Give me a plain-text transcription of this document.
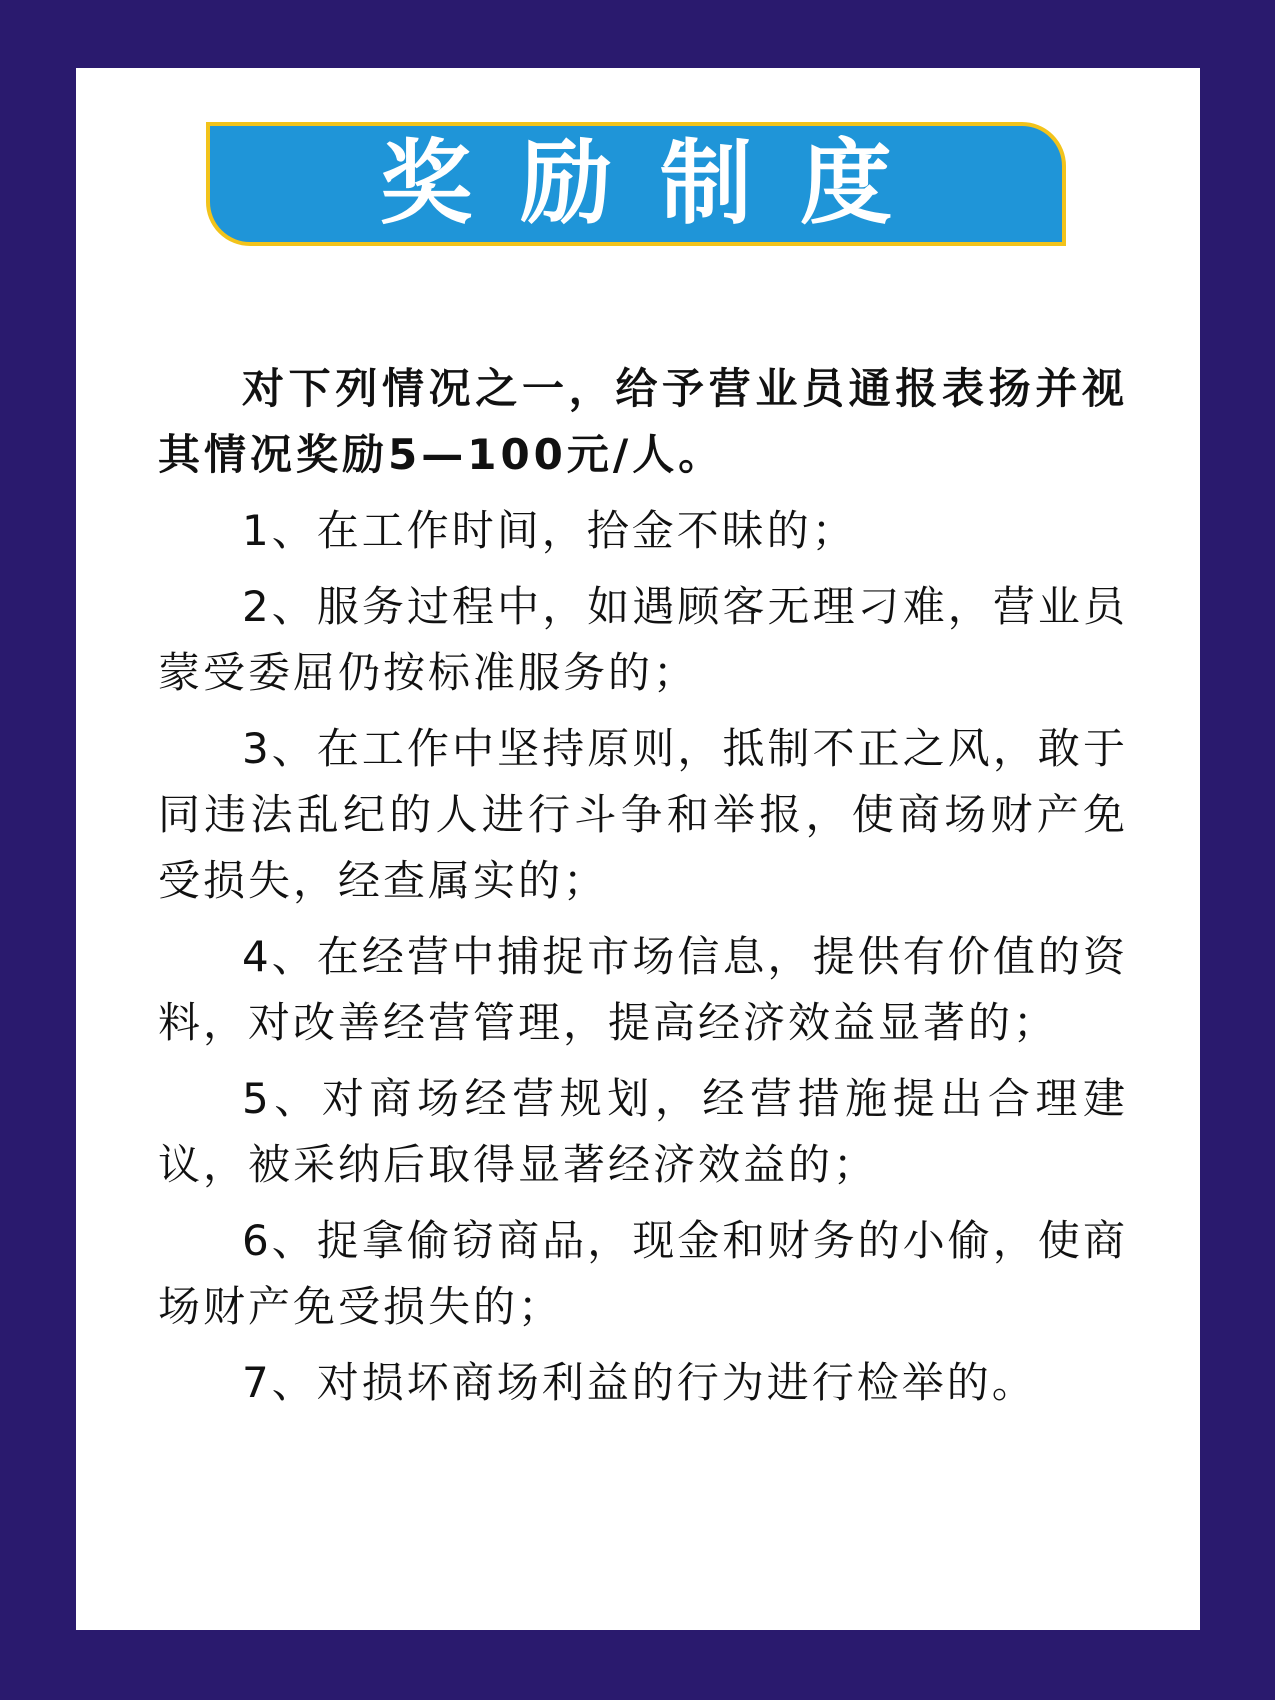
奖励制度

对下列情况之一，给予营业员通报表扬并视其情况奖励5—100元/人。

1、在工作时间，拾金不昧的；

2、服务过程中，如遇顾客无理刁难，营业员蒙受委屈仍按标准服务的；

3、在工作中坚持原则，抵制不正之风，敢于同违法乱纪的人进行斗争和举报，使商场财产免受损失，经查属实的；

4、在经营中捕捉市场信息，提供有价值的资料，对改善经营管理，提高经济效益显著的；

5、对商场经营规划，经营措施提出合理建议，被采纳后取得显著经济效益的；

6、捉拿偷窃商品，现金和财务的小偷，使商场财产免受损失的；

7、对损坏商场利益的行为进行检举的。
